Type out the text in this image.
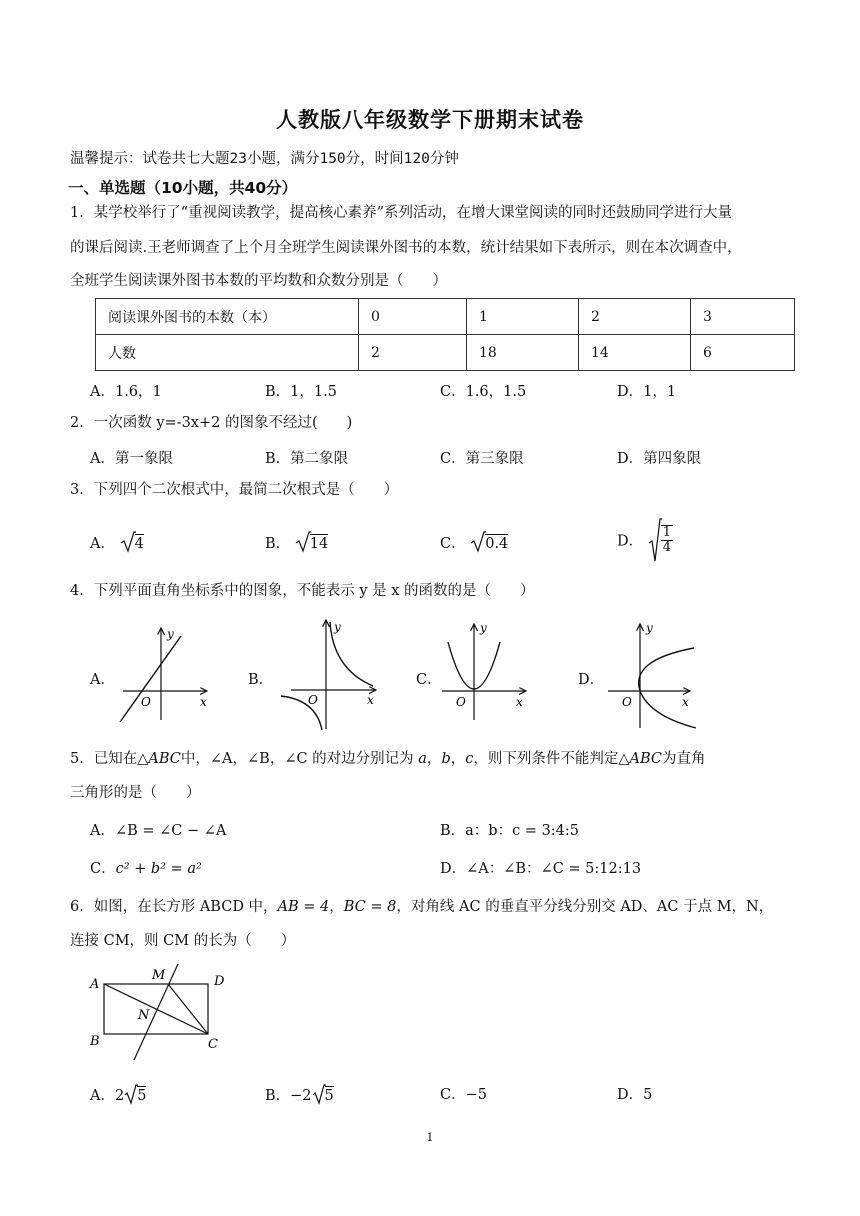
人教版八年级数学下册期末试卷
温馨提示：试卷共七大题23小题，满分150分，时间120分钟
一、单选题（10小题，共40分）
1．某学校举行了“重视阅读教学，提高核心素养”系列活动，在增大课堂阅读的同时还鼓励同学进行大量
的课后阅读.王老师调查了上个月全班学生阅读课外图书的本数，统计结果如下表所示，则在本次调查中，
全班学生阅读课外图书本数的平均数和众数分别是（　　）
阅读课外图书的本数（本）	0	1	2	3
人数	2	18	14	6
A．1.6，1	B．1，1.5	C．1.6，1.5	D．1，1
2．一次函数 y=-3x+2 的图象不经过(　　)
A．第一象限	B．第二象限	C．第三象限	D．第四象限
3．下列四个二次根式中，最简二次根式是（　　）
A． 4	B． 14	C． 0.4	D． $\frac{1}{4}$
4．下列平面直角坐标系中的图象，不能表示 y 是 x 的函数的是（　　）
A．	B．	C．	D．
y
x
O
y
x
O
y
x
O
y
x
O
5．已知在△ABC中，∠A，∠B，∠C 的对边分别记为 a，b，c，则下列条件不能判定△ABC为直角
三角形的是（　　）
A．∠B = ∠C − ∠A	B．a：b：c = 3:4:5
C．c² + b² = a²	D．∠A：∠B：∠C = 5:12:13
6．如图，在长方形 ABCD 中，AB = 4，BC = 8，对角线 AC 的垂直平分线分别交 AD、AC 于点 M，N，
连接 CM，则 CM 的长为（　　）
A	D
B	C
M
N
A．2 5	B．−2 5	C．−5	D．5
1
